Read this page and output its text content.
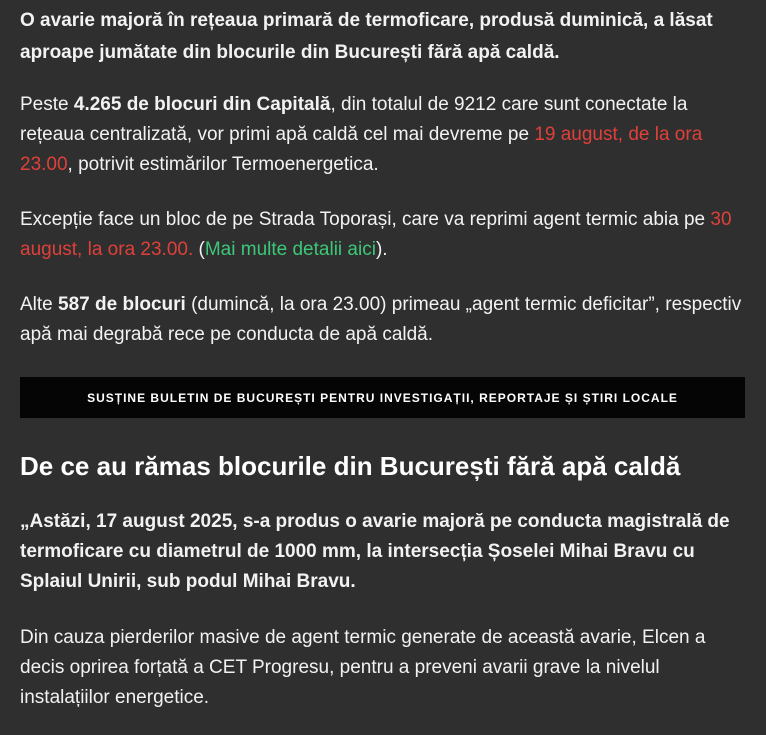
O avarie majoră în rețeaua primară de termoficare, produsă duminică, a lăsat aproape jumătate din blocurile din București fără apă caldă.

Peste 4.265 de blocuri din Capitală, din totalul de 9212 care sunt conectate la rețeaua centralizată, vor primi apă caldă cel mai devreme pe 19 august, de la ora 23.00, potrivit estimărilor Termoenergetica.

Excepție face un bloc de pe Strada Toporași, care va reprimi agent termic abia pe 30 august, la ora 23.00. (Mai multe detalii aici).

Alte 587 de blocuri (dumincă, la ora 23.00) primeau „agent termic deficitar”, respectiv apă mai degrabă rece pe conducta de apă caldă.

De ce au rămas blocurile din București fără apă caldă

„Astăzi, 17 august 2025, s-a produs o avarie majoră pe conducta magistrală de termoficare cu diametrul de 1000 mm, la intersecția Șoselei Mihai Bravu cu Splaiul Unirii, sub podul Mihai Bravu.

Din cauza pierderilor masive de agent termic generate de această avarie, Elcen a decis oprirea forțată a CET Progresu, pentru a preveni avarii grave la nivelul instalațiilor energetice.

SUSȚINE BULETIN DE BUCUREȘTI PENTRU INVESTIGAȚII, REPORTAJE ȘI ȘTIRI LOCALE
